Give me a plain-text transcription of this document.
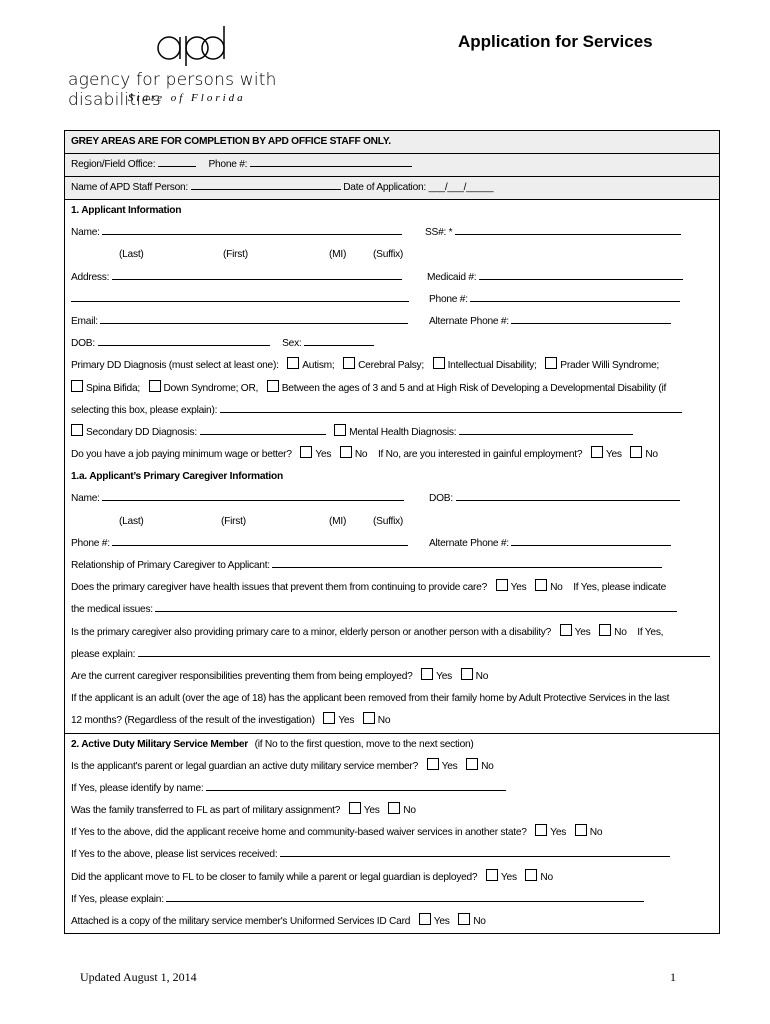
agency for persons with disabilities
State of Florida
Application for Services
GREY AREAS ARE FOR COMPLETION BY APD OFFICE STAFF ONLY.
Region/Field Office:	Phone #:
Name of APD Staff Person:	Date of Application: ___/___/_____
1. Applicant Information
Name:	SS#: *
(Last)	(First)	(MI)	(Suffix)
Address:	Medicaid #:
Phone #:
Email:	Alternate Phone #:
DOB:	Sex:
Primary DD Diagnosis (must select at least one): Autism; Cerebral Palsy; Intellectual Disability; Prader Willi Syndrome;
Spina Bifida; Down Syndrome; OR, Between the ages of 3 and 5 and at High Risk of Developing a Developmental Disability (if
selecting this box, please explain):
Secondary DD Diagnosis:	Mental Health Diagnosis:
Do you have a job paying minimum wage or better? Yes No If No, are you interested in gainful employment? Yes No
1.a. Applicant’s Primary Caregiver Information
Name:	DOB:
(Last)	(First)	(MI)	(Suffix)
Phone #:	Alternate Phone #:
Relationship of Primary Caregiver to Applicant:
Does the primary caregiver have health issues that prevent them from continuing to provide care? Yes No If Yes, please indicate
the medical issues:
Is the primary caregiver also providing primary care to a minor, elderly person or another person with a disability? Yes No If Yes,
please explain:
Are the current caregiver responsibilities preventing them from being employed? Yes No
If the applicant is an adult (over the age of 18) has the applicant been removed from their family home by Adult Protective Services in the last
12 months? (Regardless of the result of the investigation) Yes No
2. Active Duty Military Service Member (if No to the first question, move to the next section)
Is the applicant's parent or legal guardian an active duty military service member? Yes No
If Yes, please identify by name:
Was the family transferred to FL as part of military assignment? Yes No
If Yes to the above, did the applicant receive home and community-based waiver services in another state? Yes No
If Yes to the above, please list services received:
Did the applicant move to FL to be closer to family while a parent or legal guardian is deployed? Yes No
If Yes, please explain:
Attached is a copy of the military service member's Uniformed Services ID Card Yes No
Updated August 1, 2014	1
